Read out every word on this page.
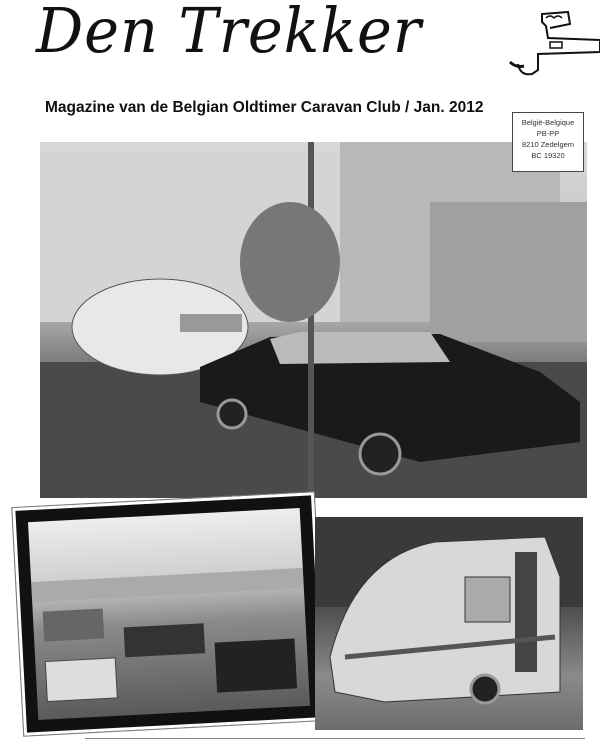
Den Trekker
Magazine van de Belgian Oldtimer Caravan Club / Jan. 2012
België-Belgique
PB-PP
8210 Zedelgem
BC 19320
